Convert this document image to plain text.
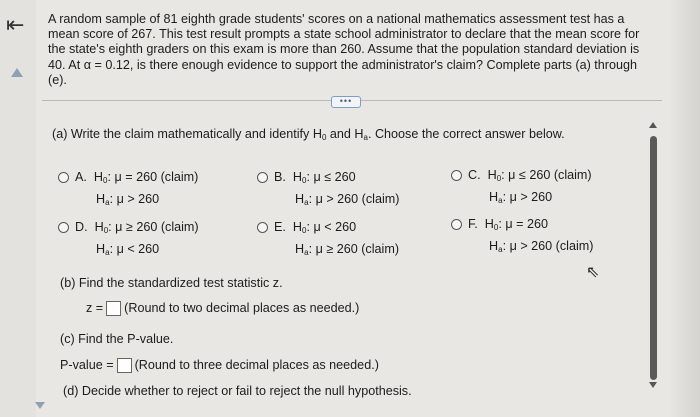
⇤ A random sample of 81 eighth grade students' scores on a national mathematics assessment test has a mean score of 267. This test result prompts a state school administrator to declare that the mean score for the state's eighth graders on this exam is more than 260. Assume that the population standard deviation is 40. At α = 0.12, is there enough evidence to support the administrator's claim? Complete parts (a) through (e).
•••
(a) Write the claim mathematically and identify $H_0$ and $H_a$. Choose the correct answer below.
A. $H_0$: μ = 260 (claim)
$H_a$: μ > 260
B. $H_0$: μ ≤ 260
$H_a$: μ > 260 (claim)
C. $H_0$: μ ≤ 260 (claim)
$H_a$: μ > 260
D. $H_0$: μ ≥ 260 (claim)
$H_a$: μ < 260
E. $H_0$: μ < 260
$H_a$: μ ≥ 260 (claim)
F. $H_0$: μ = 260
$H_a$: μ > 260 (claim)
(b) Find the standardized test statistic z.
z = (Round to two decimal places as needed.)
(c) Find the P-value.
P-value = (Round to three decimal places as needed.)
(d) Decide whether to reject or fail to reject the null hypothesis.
⇖
